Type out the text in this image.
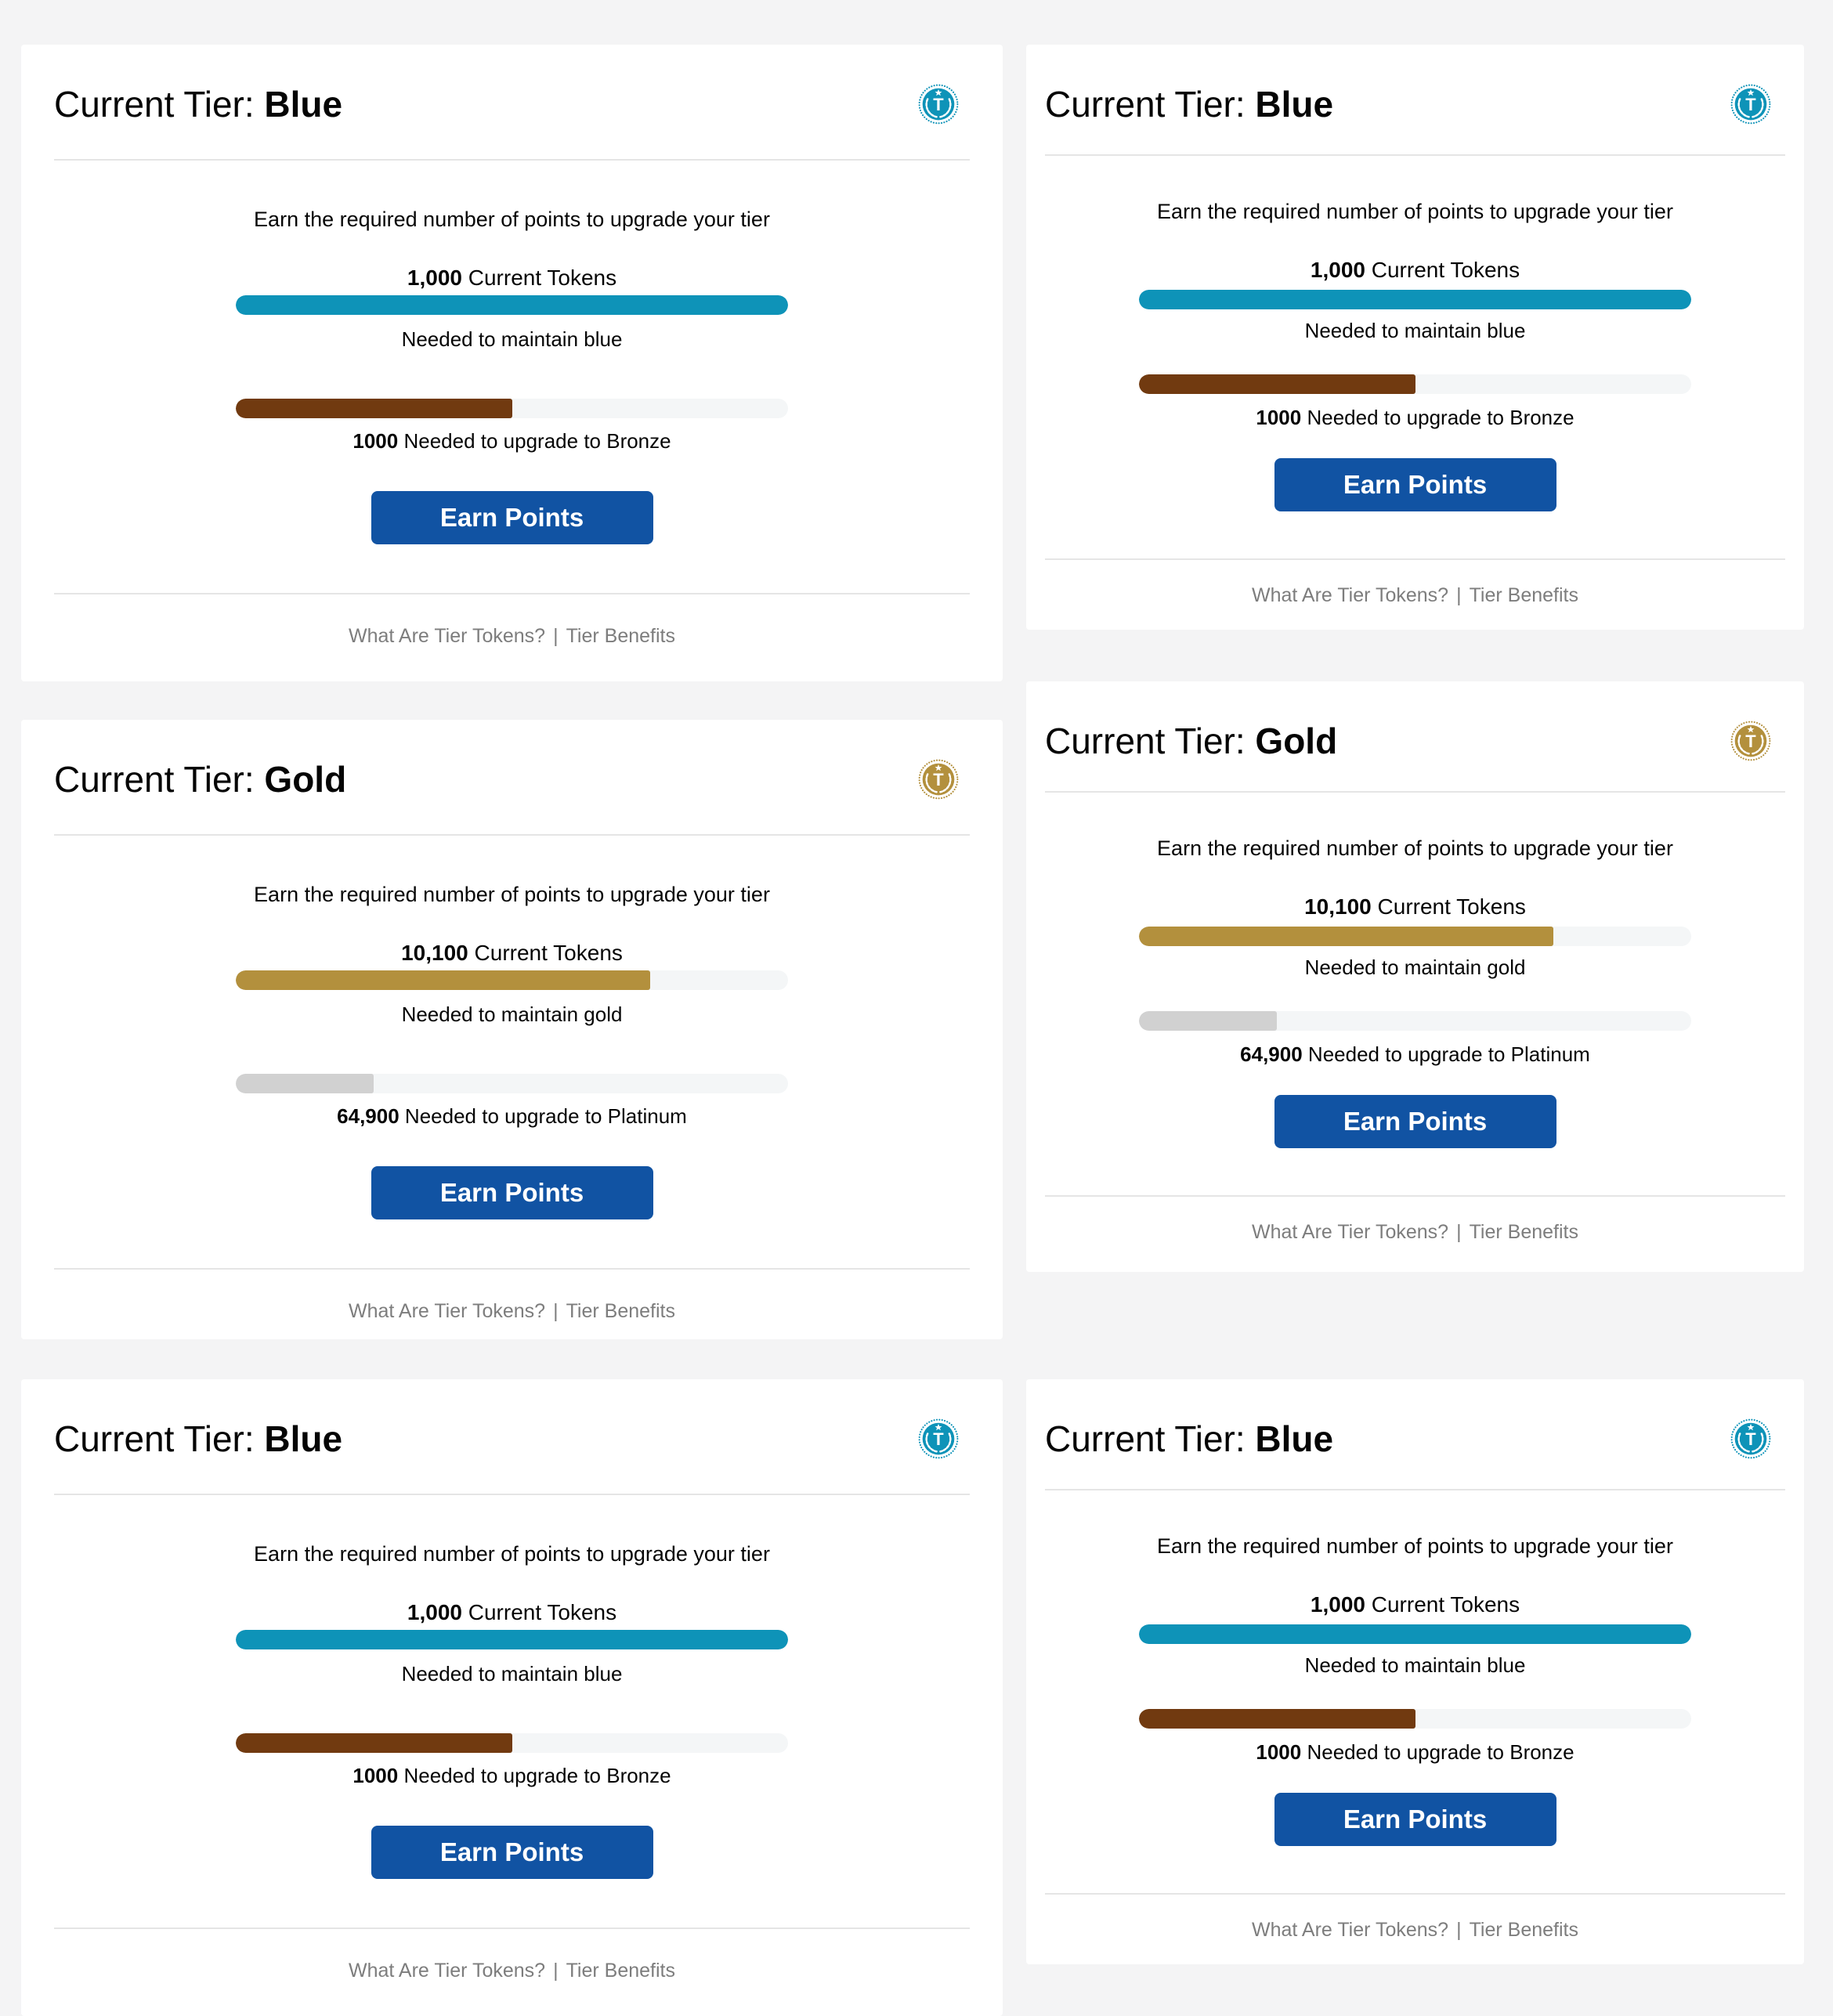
Current Tier: Blue	T

Earn the required number of points to upgrade your tier

1,000 Current Tokens

Needed to maintain blue

1000 Needed to upgrade to Bronze

Earn Points

What Are Tier Tokens? | Tier Benefits

Current Tier: Blue	T

Earn the required number of points to upgrade your tier

1,000 Current Tokens

Needed to maintain blue

1000 Needed to upgrade to Bronze

Earn Points

What Are Tier Tokens? | Tier Benefits

Current Tier: Gold	T

Earn the required number of points to upgrade your tier

10,100 Current Tokens

Needed to maintain gold

64,900 Needed to upgrade to Platinum

Earn Points

What Are Tier Tokens? | Tier Benefits

Current Tier: Gold	T

Earn the required number of points to upgrade your tier

10,100 Current Tokens

Needed to maintain gold

64,900 Needed to upgrade to Platinum

Earn Points

What Are Tier Tokens? | Tier Benefits

Current Tier: Blue	T

Earn the required number of points to upgrade your tier

1,000 Current Tokens

Needed to maintain blue

1000 Needed to upgrade to Bronze

Earn Points

What Are Tier Tokens? | Tier Benefits

Current Tier: Blue	T

Earn the required number of points to upgrade your tier

1,000 Current Tokens

Needed to maintain blue

1000 Needed to upgrade to Bronze

Earn Points

What Are Tier Tokens? | Tier Benefits
